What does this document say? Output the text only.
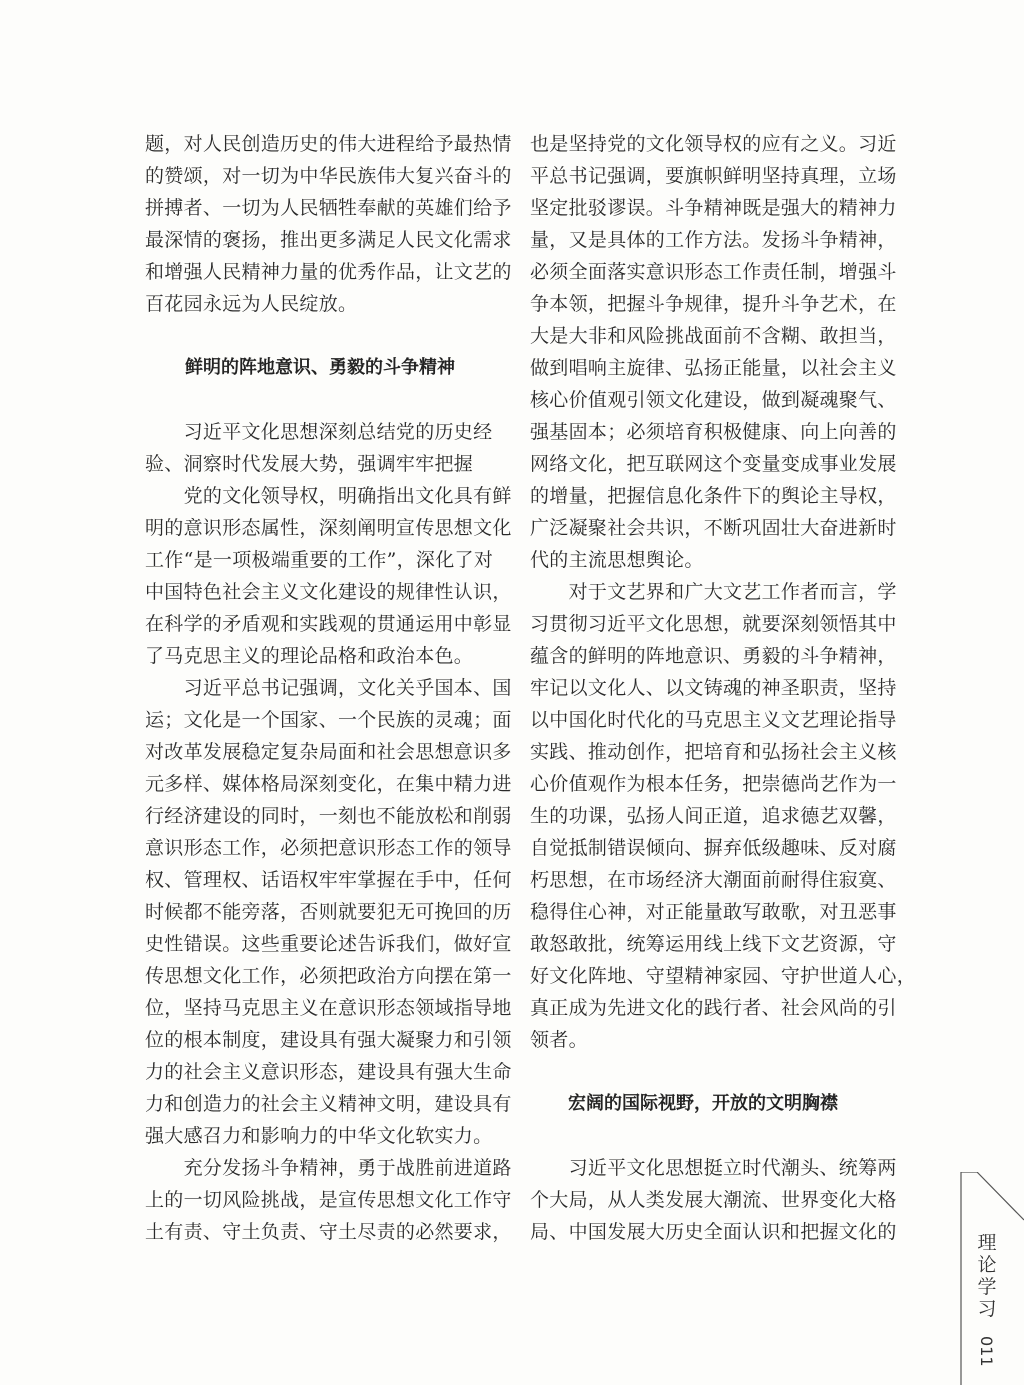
题，对人民创造历史的伟大进程给予最热情
的赞颂，对一切为中华民族伟大复兴奋斗的
拼搏者、一切为人民牺牲奉献的英雄们给予
最深情的褒扬，推出更多满足人民文化需求
和增强人民精神力量的优秀作品，让文艺的
百花园永远为人民绽放。
鲜明的阵地意识、勇毅的斗争精神
　　习近平文化思想深刻总结党的历史经
验、洞察时代发展大势，强调牢牢把握
　　党的文化领导权，明确指出文化具有鲜
明的意识形态属性，深刻阐明宣传思想文化
工作“是一项极端重要的工作”，深化了对
中国特色社会主义文化建设的规律性认识，
在科学的矛盾观和实践观的贯通运用中彰显
了马克思主义的理论品格和政治本色。
　　习近平总书记强调，文化关乎国本、国
运；文化是一个国家、一个民族的灵魂；面
对改革发展稳定复杂局面和社会思想意识多
元多样、媒体格局深刻变化，在集中精力进
行经济建设的同时，一刻也不能放松和削弱
意识形态工作，必须把意识形态工作的领导
权、管理权、话语权牢牢掌握在手中，任何
时候都不能旁落，否则就要犯无可挽回的历
史性错误。这些重要论述告诉我们，做好宣
传思想文化工作，必须把政治方向摆在第一
位，坚持马克思主义在意识形态领域指导地
位的根本制度，建设具有强大凝聚力和引领
力的社会主义意识形态，建设具有强大生命
力和创造力的社会主义精神文明，建设具有
强大感召力和影响力的中华文化软实力。
　　充分发扬斗争精神，勇于战胜前进道路
上的一切风险挑战，是宣传思想文化工作守
土有责、守土负责、守土尽责的必然要求，
也是坚持党的文化领导权的应有之义。习近
平总书记强调，要旗帜鲜明坚持真理，立场
坚定批驳谬误。斗争精神既是强大的精神力
量，又是具体的工作方法。发扬斗争精神，
必须全面落实意识形态工作责任制，增强斗
争本领，把握斗争规律，提升斗争艺术，在
大是大非和风险挑战面前不含糊、敢担当，
做到唱响主旋律、弘扬正能量，以社会主义
核心价值观引领文化建设，做到凝魂聚气、
强基固本；必须培育积极健康、向上向善的
网络文化，把互联网这个变量变成事业发展
的增量，把握信息化条件下的舆论主导权，
广泛凝聚社会共识，不断巩固壮大奋进新时
代的主流思想舆论。
　　对于文艺界和广大文艺工作者而言，学
习贯彻习近平文化思想，就要深刻领悟其中
蕴含的鲜明的阵地意识、勇毅的斗争精神，
牢记以文化人、以文铸魂的神圣职责，坚持
以中国化时代化的马克思主义文艺理论指导
实践、推动创作，把培育和弘扬社会主义核
心价值观作为根本任务，把崇德尚艺作为一
生的功课，弘扬人间正道，追求德艺双馨，
自觉抵制错误倾向、摒弃低级趣味、反对腐
朽思想，在市场经济大潮面前耐得住寂寞、
稳得住心神，对正能量敢写敢歌，对丑恶事
敢怒敢批，统筹运用线上线下文艺资源，守
好文化阵地、守望精神家园、守护世道人心，
真正成为先进文化的践行者、社会风尚的引
领者。
宏阔的国际视野，开放的文明胸襟
　　习近平文化思想挺立时代潮头、统筹两
个大局，从人类发展大潮流、世界变化大格
局、中国发展大历史全面认识和把握文化的	理论学习
011
